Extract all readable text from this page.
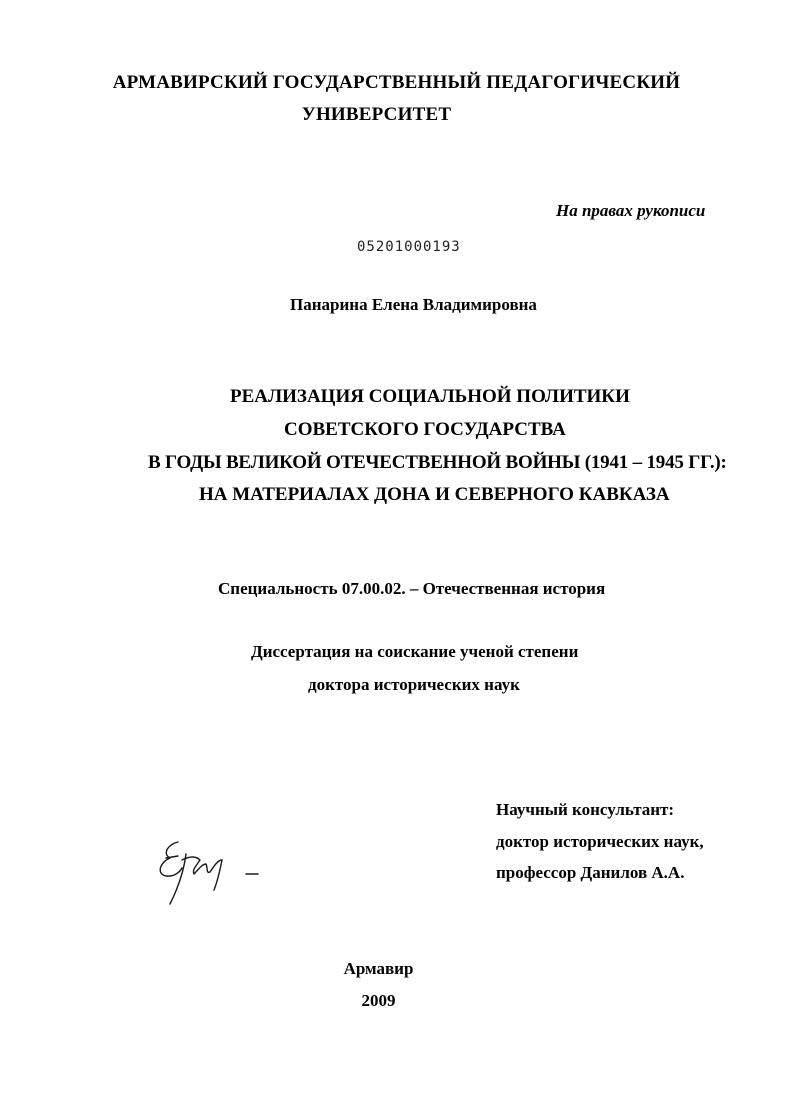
АРМАВИРСКИЙ ГОСУДАРСТВЕННЫЙ ПЕДАГОГИЧЕСКИЙ
УНИВЕРСИТЕТ
На правах рукописи
05201000193
Панарина Елена Владимировна
РЕАЛИЗАЦИЯ СОЦИАЛЬНОЙ ПОЛИТИКИ
СОВЕТСКОГО ГОСУДАРСТВА
В ГОДЫ ВЕЛИКОЙ ОТЕЧЕСТВЕННОЙ ВОЙНЫ (1941 – 1945 ГГ.):
НА МАТЕРИАЛАХ ДОНА И СЕВЕРНОГО КАВКАЗА
Специальность 07.00.02. – Отечественная история
Диссертация на соискание ученой степени
доктора исторических наук
Научный консультант:
доктор исторических наук,
профессор Данилов А.А.
Армавир
2009
